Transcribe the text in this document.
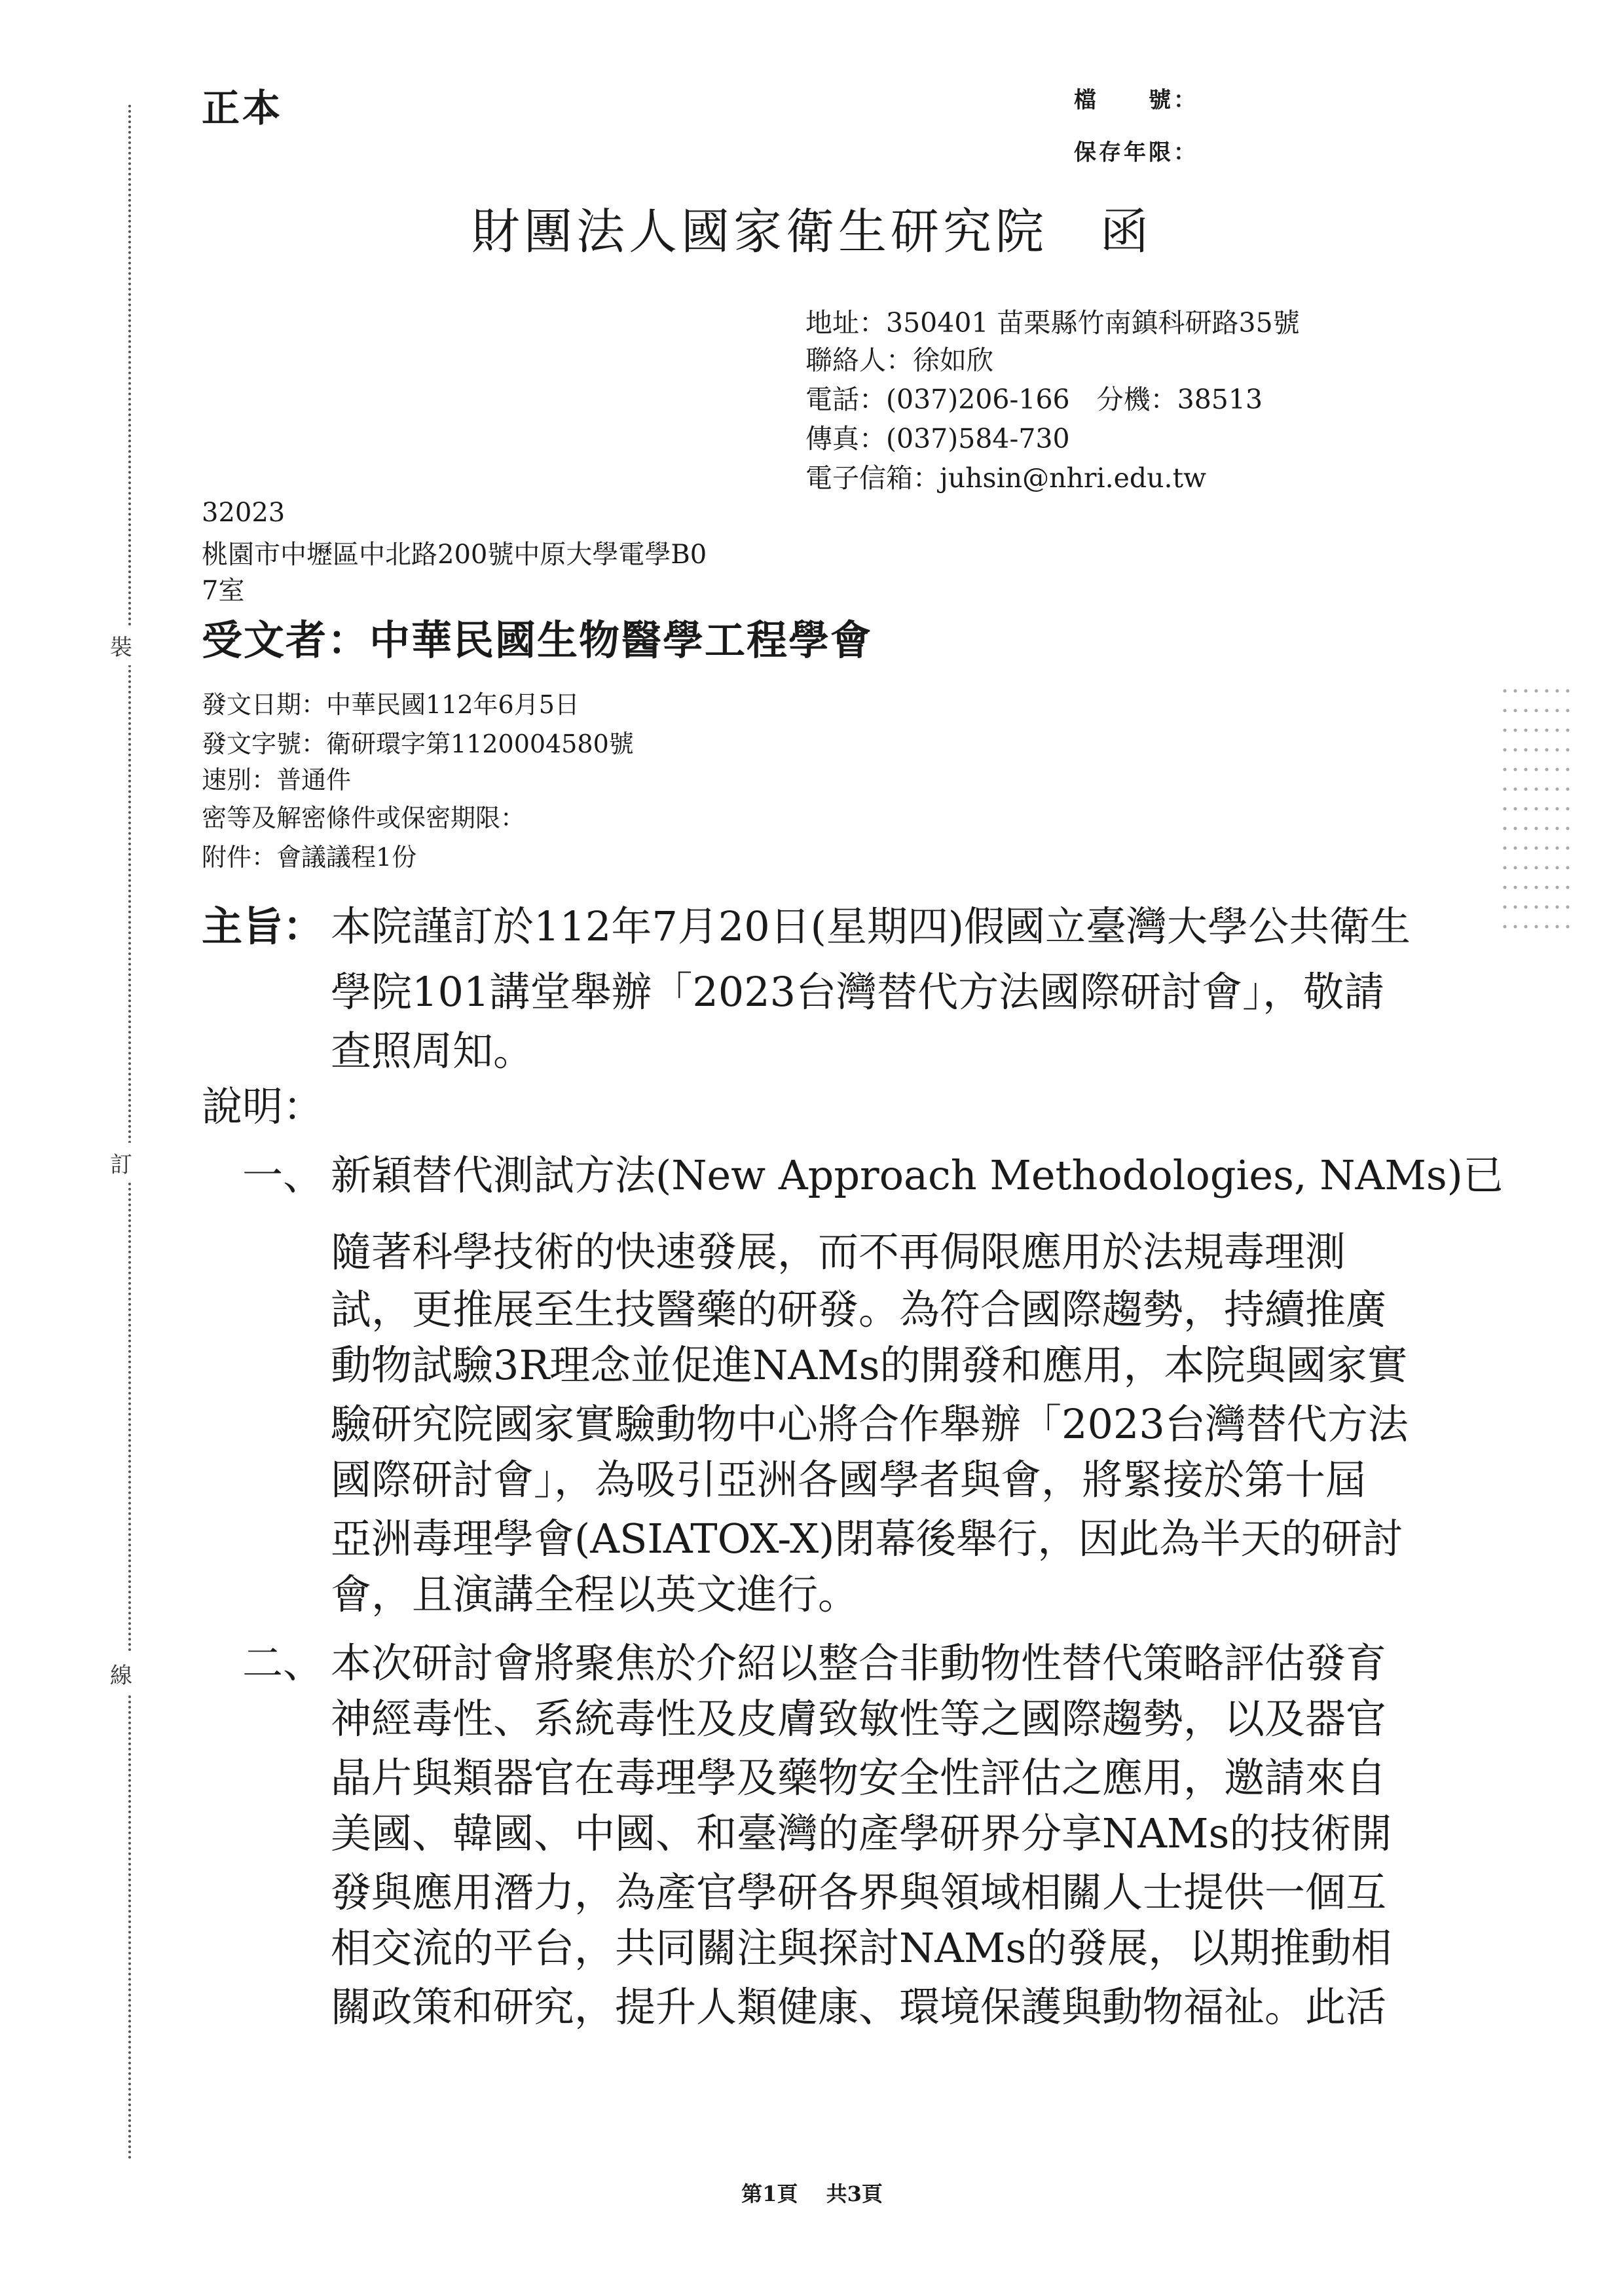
裝
訂
線
正本	檔　　號：
保存年限：
財團法人國家衛生研究院　函
地址：350401 苗栗縣竹南鎮科研路35號
聯絡人：徐如欣
電話：(037)206-166　分機：38513
傳真：(037)584-730
電子信箱：juhsin@nhri.edu.tw
32023
桃園市中壢區中北路200號中原大學電學B0
7室
受文者：中華民國生物醫學工程學會
發文日期：中華民國112年6月5日
發文字號：衛研環字第1120004580號
速別：普通件
密等及解密條件或保密期限：
附件：會議議程1份
主旨： 本院謹訂於112年7月20日(星期四)假國立臺灣大學公共衛生
學院101講堂舉辦「2023台灣替代方法國際研討會」，敬請
查照周知。
說明：
一、 新穎替代測試方法(New Approach Methodologies, NAMs)已
隨著科學技術的快速發展，而不再侷限應用於法規毒理測
試，更推展至生技醫藥的研發。為符合國際趨勢，持續推廣
動物試驗3R理念並促進NAMs的開發和應用，本院與國家實
驗研究院國家實驗動物中心將合作舉辦「2023台灣替代方法
國際研討會」，為吸引亞洲各國學者與會，將緊接於第十屆
亞洲毒理學會(ASIATOX-X)閉幕後舉行，因此為半天的研討
會，且演講全程以英文進行。
二、 本次研討會將聚焦於介紹以整合非動物性替代策略評估發育
神經毒性、系統毒性及皮膚致敏性等之國際趨勢，以及器官
晶片與類器官在毒理學及藥物安全性評估之應用，邀請來自
美國、韓國、中國、和臺灣的產學研界分享NAMs的技術開
發與應用潛力，為產官學研各界與領域相關人士提供一個互
相交流的平台，共同關注與探討NAMs的發展，以期推動相
關政策和研究，提升人類健康、環境保護與動物福祉。此活
第1頁 共3頁
